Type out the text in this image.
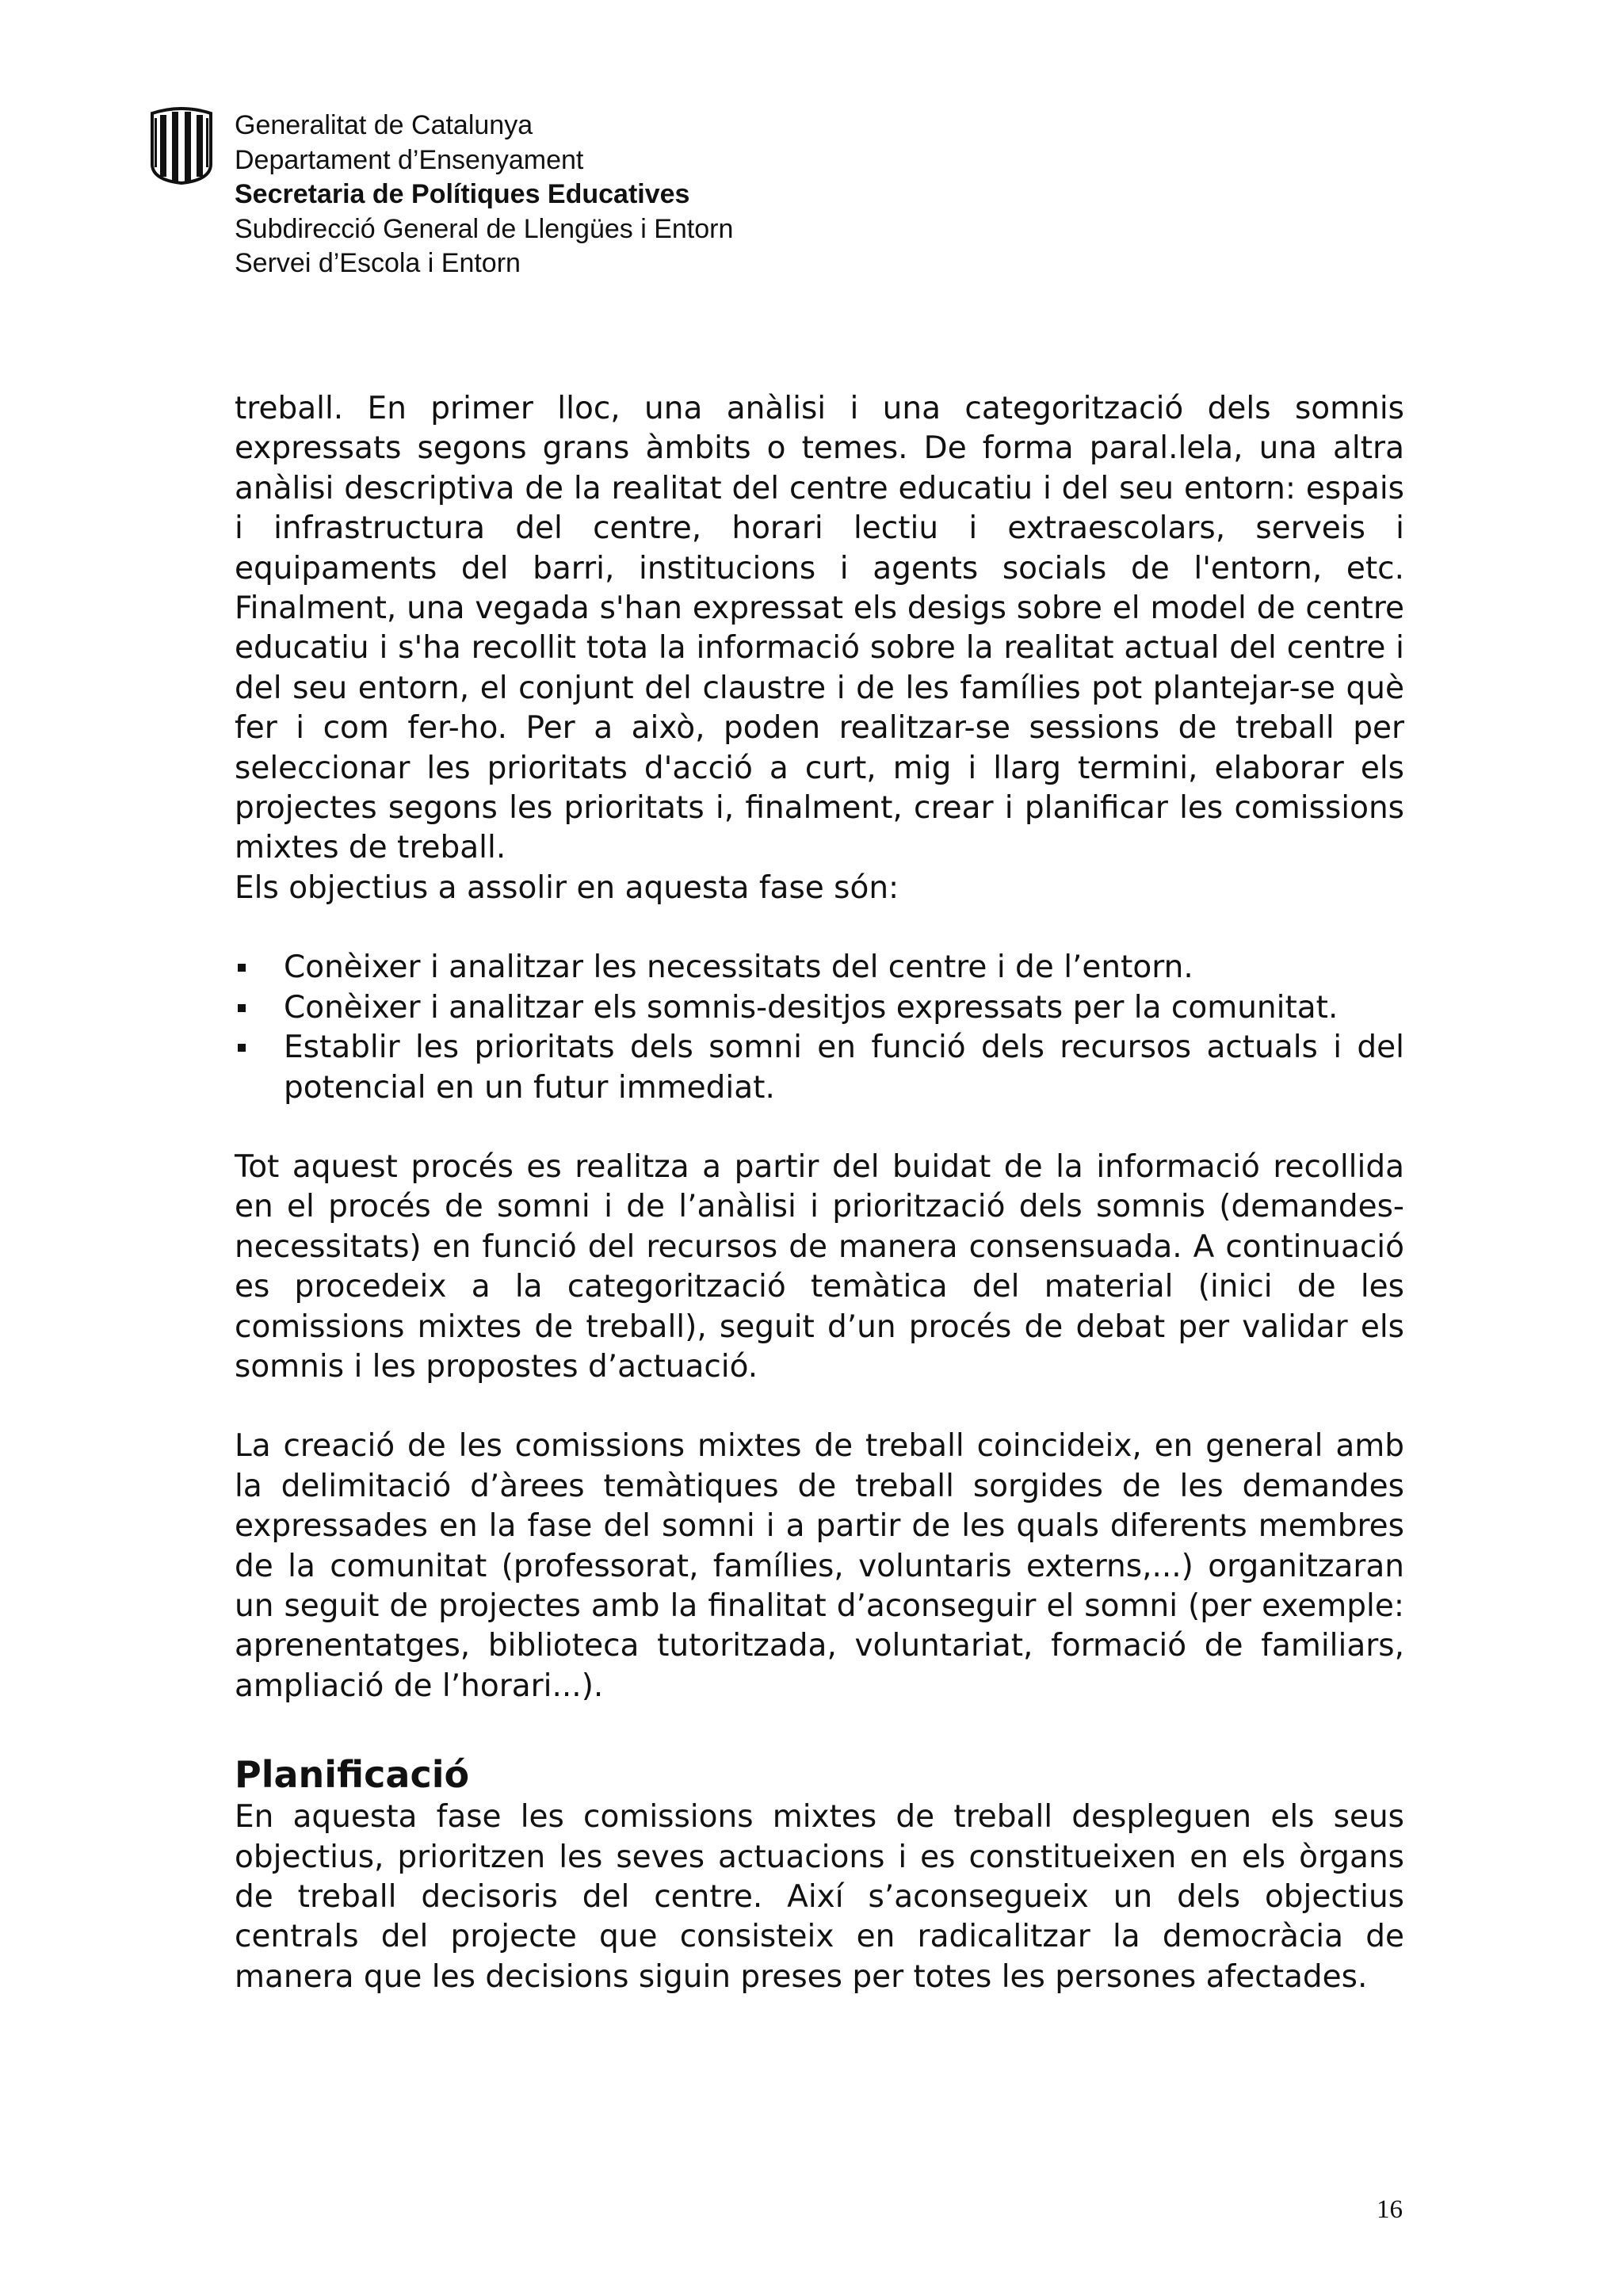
Generalitat de Catalunya
Departament d’Ensenyament
Secretaria de Polítiques Educatives
Subdirecció General de Llengües i Entorn
Servei d’Escola i Entorn

treball. En primer lloc, una anàlisi i una categorització dels somnis expressats segons grans àmbits o temes. De forma paral.lela, una altra anàlisi descriptiva de la realitat del centre educatiu i del seu entorn: espais i infrastructura del centre, horari lectiu i extraescolars, serveis i equipaments del barri, institucions i agents socials de l'entorn, etc. Finalment, una vegada s'han expressat els desigs sobre el model de centre educatiu i s'ha recollit tota la informació sobre la realitat actual del centre i del seu entorn, el conjunt del claustre i de les famílies pot plantejar-se què fer i com fer-ho. Per a això, poden realitzar-se sessions de treball per seleccionar les prioritats d'acció a curt, mig i llarg termini, elaborar els projectes segons les prioritats i, finalment, crear i planificar les comissions mixtes de treball.

Els objectius a assolir en aquesta fase són:

Conèixer i analitzar les necessitats del centre i de l’entorn.
Conèixer i analitzar els somnis-desitjos expressats per la comunitat.
Establir les prioritats dels somni en funció dels recursos actuals i del potencial en un futur immediat.

Tot aquest procés es realitza a partir del buidat de la informació recollida en el procés de somni i de l’anàlisi i priorització dels somnis (demandes-necessitats) en funció del recursos de manera consensuada. A continuació es procedeix a la categorització temàtica del material (inici de les comissions mixtes de treball), seguit d’un procés de debat per validar els somnis i les propostes d’actuació.

La creació de les comissions mixtes de treball coincideix, en general amb la delimitació d’àrees temàtiques de treball sorgides de les demandes expressades en la fase del somni i a partir de les quals diferents membres de la comunitat (professorat, famílies, voluntaris externs,...) organitzaran un seguit de projectes amb la finalitat d’aconseguir el somni (per exemple: aprenentatges, biblioteca tutoritzada, voluntariat, formació de familiars, ampliació de l’horari...).

Planificació

En aquesta fase les comissions mixtes de treball despleguen els seus objectius, prioritzen les seves actuacions i es constitueixen en els òrgans de treball decisoris del centre. Així s’aconsegueix un dels objectius centrals del projecte que consisteix en radicalitzar la democràcia de manera que les decisions siguin preses per totes les persones afectades.

16
